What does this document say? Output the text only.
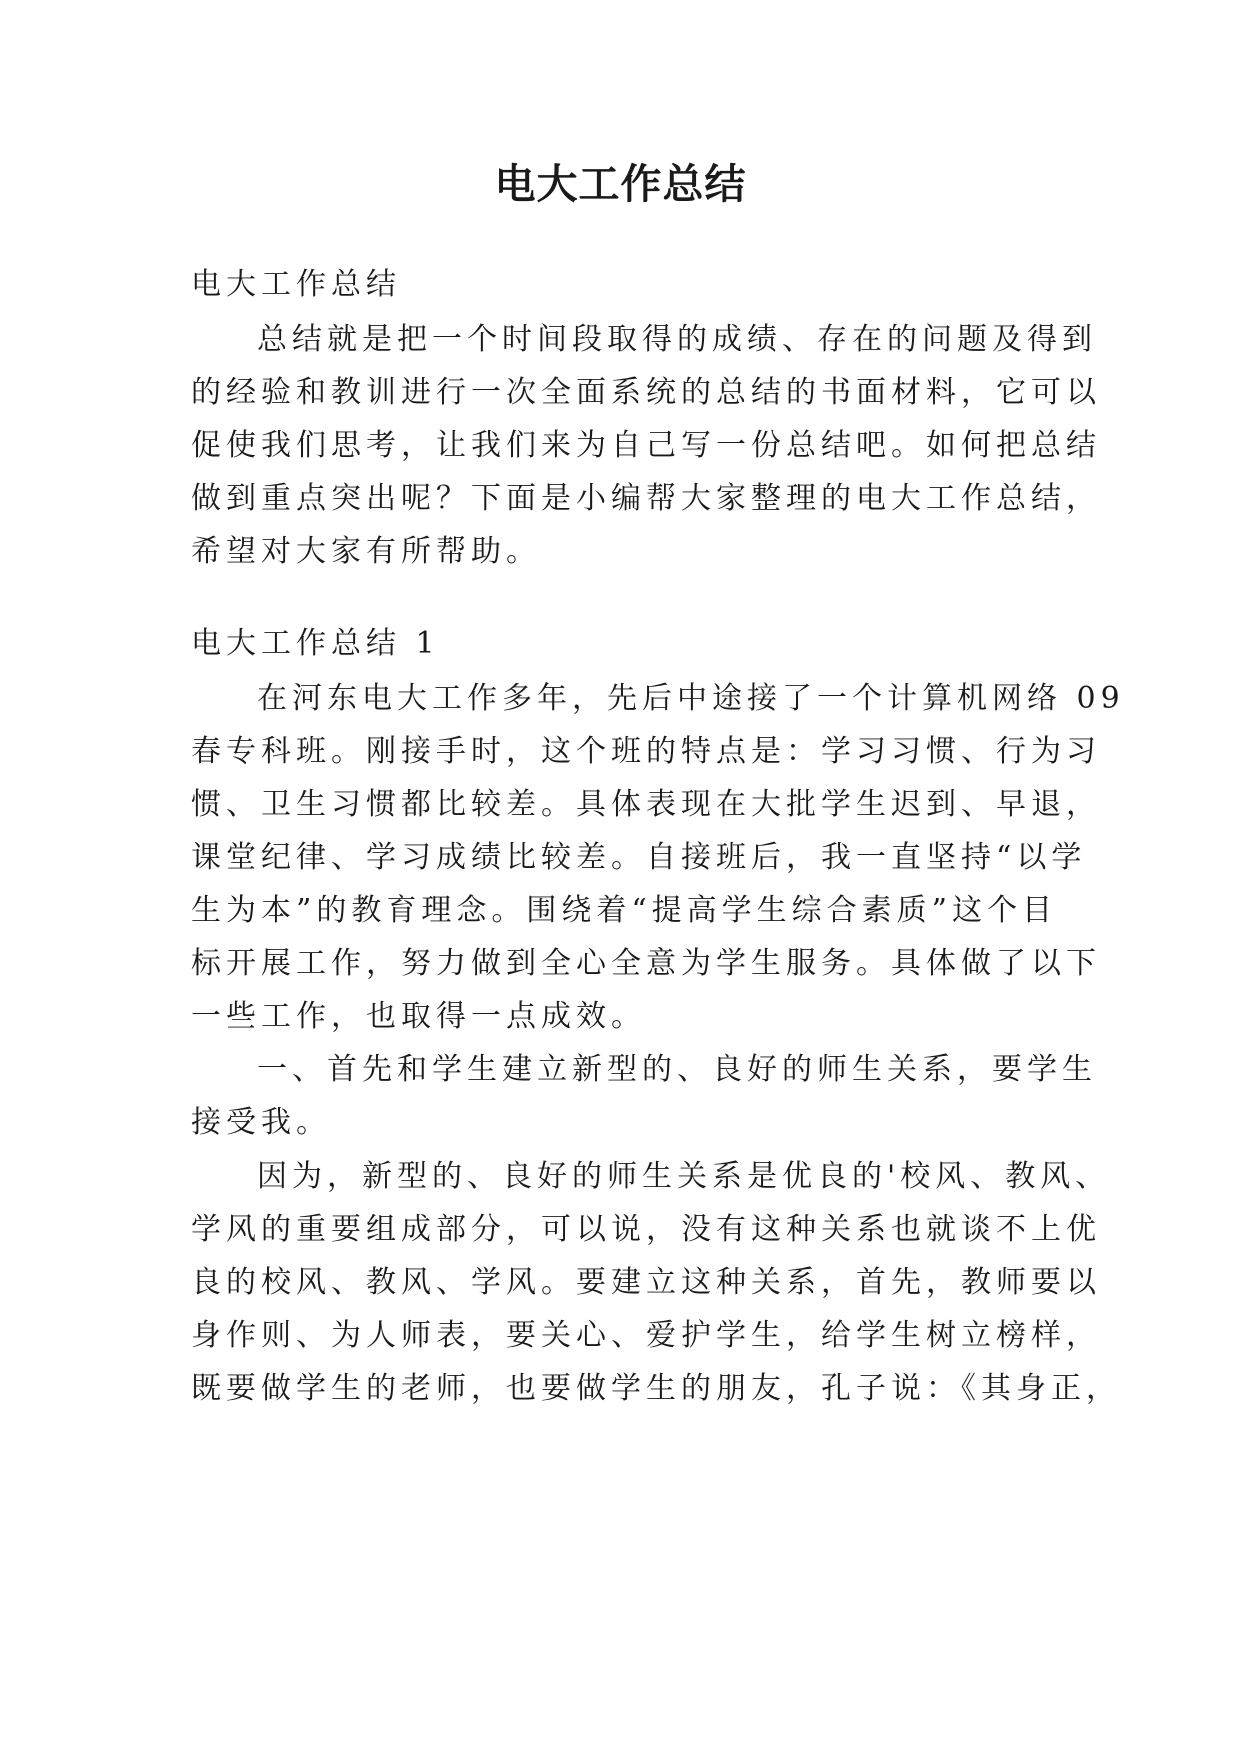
电大工作总结
电大工作总结
总结就是把一个时间段取得的成绩、存在的问题及得到
的经验和教训进行一次全面系统的总结的书面材料，它可以
促使我们思考，让我们来为自己写一份总结吧。如何把总结
做到重点突出呢？下面是小编帮大家整理的电大工作总结，
希望对大家有所帮助。
电大工作总结 1
在河东电大工作多年，先后中途接了一个计算机网络 09
春专科班。刚接手时，这个班的特点是：学习习惯、行为习
惯、卫生习惯都比较差。具体表现在大批学生迟到、早退，
课堂纪律、学习成绩比较差。自接班后，我一直坚持“以学
生为本”的教育理念。围绕着“提高学生综合素质”这个目
标开展工作，努力做到全心全意为学生服务。具体做了以下
一些工作，也取得一点成效。
一、首先和学生建立新型的、良好的师生关系，要学生
接受我。
因为，新型的、良好的师生关系是优良的'校风、教风、
学风的重要组成部分，可以说，没有这种关系也就谈不上优
良的校风、教风、学风。要建立这种关系，首先，教师要以
身作则、为人师表，要关心、爱护学生，给学生树立榜样，
既要做学生的老师，也要做学生的朋友，孔子说：《其身正，
